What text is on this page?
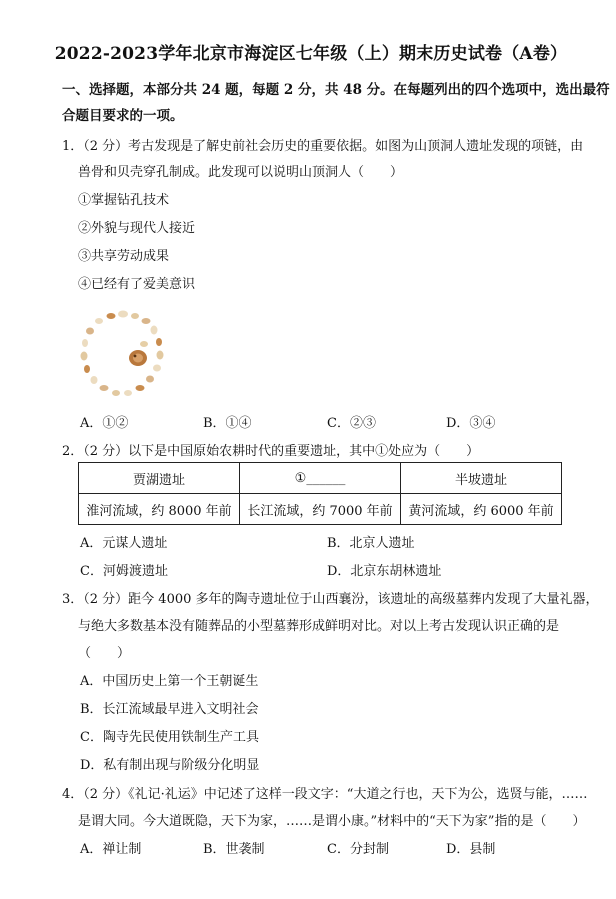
2022-2023学年北京市海淀区七年级（上）期末历史试卷（A卷）
一、选择题，本部分共 24 题，每题 2 分，共 48 分。在每题列出的四个选项中，选出最符
合题目要求的一项。
1．（2 分）考古发现是了解史前社会历史的重要依据。如图为山顶洞人遗址发现的项链，由
兽骨和贝壳穿孔制成。此发现可以说明山顶洞人（　　）
①掌握钻孔技术
②外貌与现代人接近
③共享劳动成果
④已经有了爱美意识
A．①②	B．①④	C．②③	D．③④
2．（2 分）以下是中国原始农耕时代的重要遗址，其中①处应为（　　）
贾湖遗址	①______	半坡遗址
淮河流域，约 8000 年前	长江流域，约 7000 年前	黄河流域，约 6000 年前
A．元谋人遗址	B．北京人遗址
C．河姆渡遗址	D．北京东胡林遗址
3．（2 分）距今 4000 多年的陶寺遗址位于山西襄汾，该遗址的高级墓葬内发现了大量礼器，
与绝大多数基本没有随葬品的小型墓葬形成鲜明对比。对以上考古发现认识正确的是
（　　）
A．中国历史上第一个王朝诞生
B．长江流域最早进入文明社会
C．陶寺先民使用铁制生产工具
D．私有制出现与阶级分化明显
4．（2 分）《礼记·礼运》中记述了这样一段文字：“大道之行也，天下为公，选贤与能，……
是谓大同。今大道既隐，天下为家，……是谓小康。”材料中的“天下为家”指的是（　　）
A．禅让制	B．世袭制	C．分封制	D．县制
